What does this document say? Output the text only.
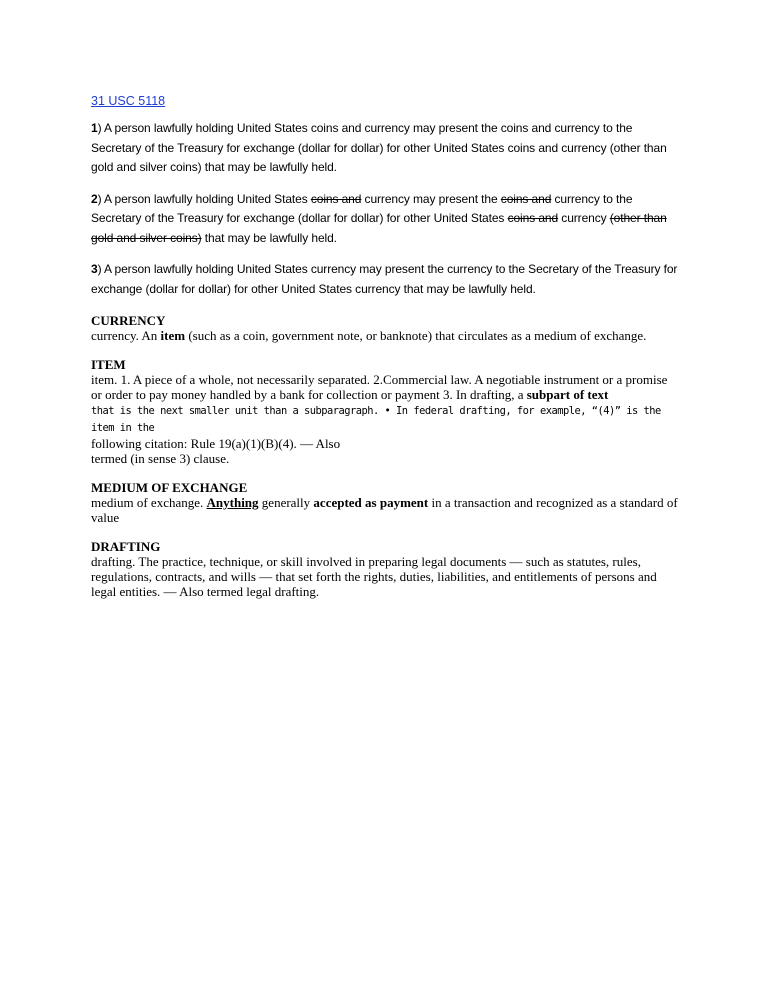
31 USC 5118

1) A person lawfully holding United States coins and currency may present the coins and currency to the Secretary of the Treasury for exchange (dollar for dollar) for other United States coins and currency (other than gold and silver coins) that may be lawfully held.

2) A person lawfully holding United States coins and currency may present the coins and currency to the Secretary of the Treasury for exchange (dollar for dollar) for other United States coins and currency (other than gold and silver coins) that may be lawfully held.

3) A person lawfully holding United States currency may present the currency to the Secretary of the Treasury for exchange (dollar for dollar) for other United States currency that may be lawfully held.

CURRENCY
currency. An item (such as a coin, government note, or banknote) that circulates as a medium of exchange.
ITEM
item. 1. A piece of a whole, not necessarily separated. 2.Commercial law. A negotiable instrument or a promise or order to pay money handled by a bank for collection or payment 3. In drafting, a subpart of text
that is the next smaller unit than a subparagraph. • In federal drafting, for example, “(4)” is the item in the
following citation: Rule 19(a)(1)(B)(4). — Also
termed (in sense 3) clause.
MEDIUM OF EXCHANGE
medium of exchange. Anything generally accepted as payment in a transaction and recognized as a standard of value
DRAFTING
drafting. The practice, technique, or skill involved in preparing legal documents — such as statutes, rules, regulations, contracts, and wills — that set forth the rights, duties, liabilities, and entitlements of persons and legal entities. — Also termed legal drafting.
